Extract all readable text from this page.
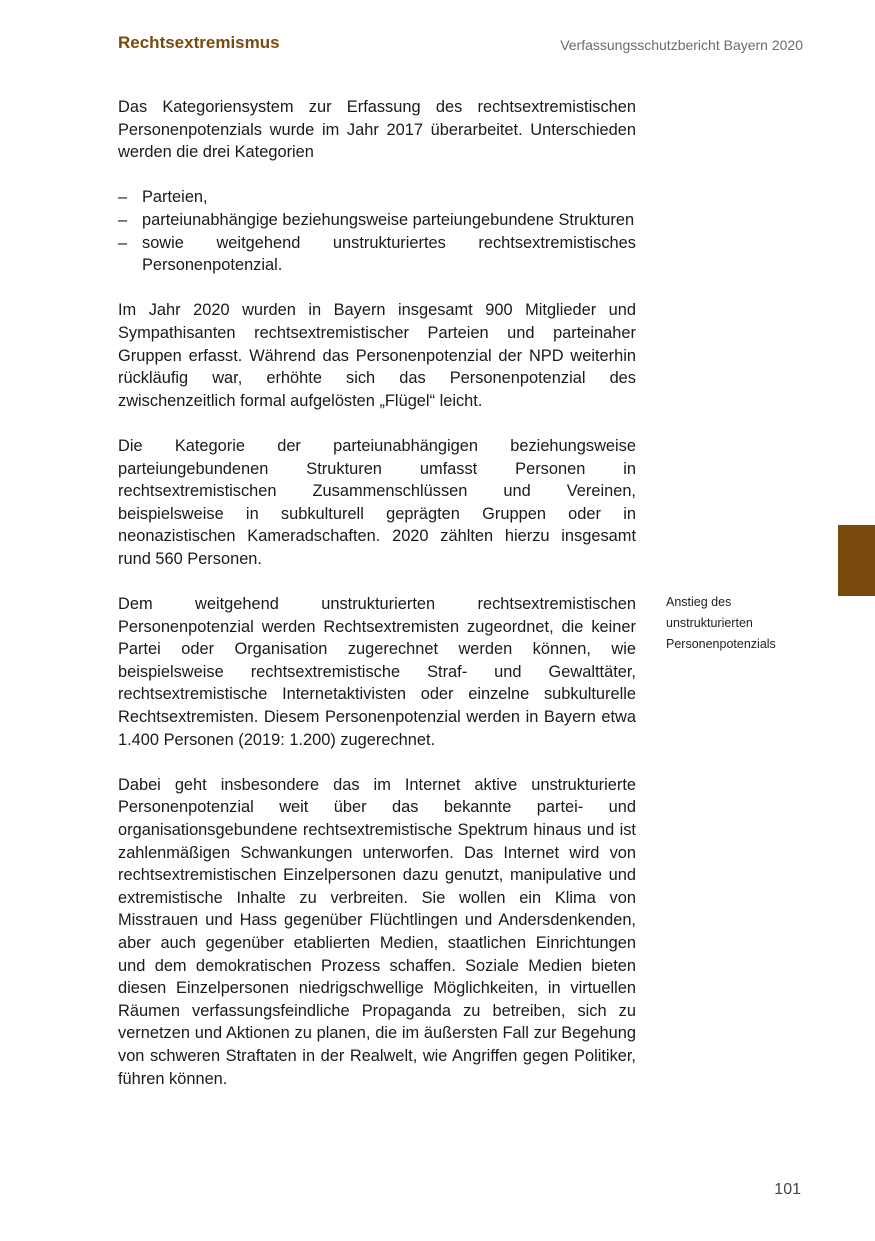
Rechtsextremismus	Verfassungsschutzbericht Bayern 2020

Das Kategoriensystem zur Erfassung des rechtsextremistischen Personenpotenzials wurde im Jahr 2017 überarbeitet. Unterschieden werden die drei Kategorien

– Parteien,
– parteiunabhängige beziehungsweise parteiungebundene Strukturen
– sowie weitgehend unstrukturiertes rechtsextremistisches Personenpotenzial.

Im Jahr 2020 wurden in Bayern insgesamt 900 Mitglieder und Sympathisanten rechtsextremistischer Parteien und parteinaher Gruppen erfasst. Während das Personenpotenzial der NPD weiterhin rückläufig war, erhöhte sich das Personenpotenzial des zwischenzeitlich formal aufgelösten „Flügel“ leicht.

Die Kategorie der parteiunabhängigen beziehungsweise parteiungebundenen Strukturen umfasst Personen in rechtsextremistischen Zusammenschlüssen und Vereinen, beispielsweise in subkulturell geprägten Gruppen oder in neonazistischen Kameradschaften. 2020 zählten hierzu insgesamt rund 560 Personen.

Dem weitgehend unstrukturierten rechtsextremistischen Personenpotenzial werden Rechtsextremisten zugeordnet, die keiner Partei oder Organisation zugerechnet werden können, wie beispielsweise rechtsextremistische Straf- und Gewalttäter, rechtsextremistische Internetaktivisten oder einzelne subkulturelle Rechtsextremisten. Diesem Personenpotenzial werden in Bayern etwa 1.400 Personen (2019: 1.200) zugerechnet.

Dabei geht insbesondere das im Internet aktive unstrukturierte Personenpotenzial weit über das bekannte partei- und organisationsgebundene rechtsextremistische Spektrum hinaus und ist zahlenmäßigen Schwankungen unterworfen. Das Internet wird von rechtsextremistischen Einzelpersonen dazu genutzt, manipulative und extremistische Inhalte zu verbreiten. Sie wollen ein Klima von Misstrauen und Hass gegenüber Flüchtlingen und Andersdenkenden, aber auch gegenüber etablierten Medien, staatlichen Einrichtungen und dem demokratischen Prozess schaffen. Soziale Medien bieten diesen Einzelpersonen niedrigschwellige Möglichkeiten, in virtuellen Räumen verfassungsfeindliche Propaganda zu betreiben, sich zu vernetzen und Aktionen zu planen, die im äußersten Fall zur Begehung von schweren Straftaten in der Realwelt, wie Angriffen gegen Politiker, führen können.

Anstieg des unstrukturierten Personenpotenzials
101
